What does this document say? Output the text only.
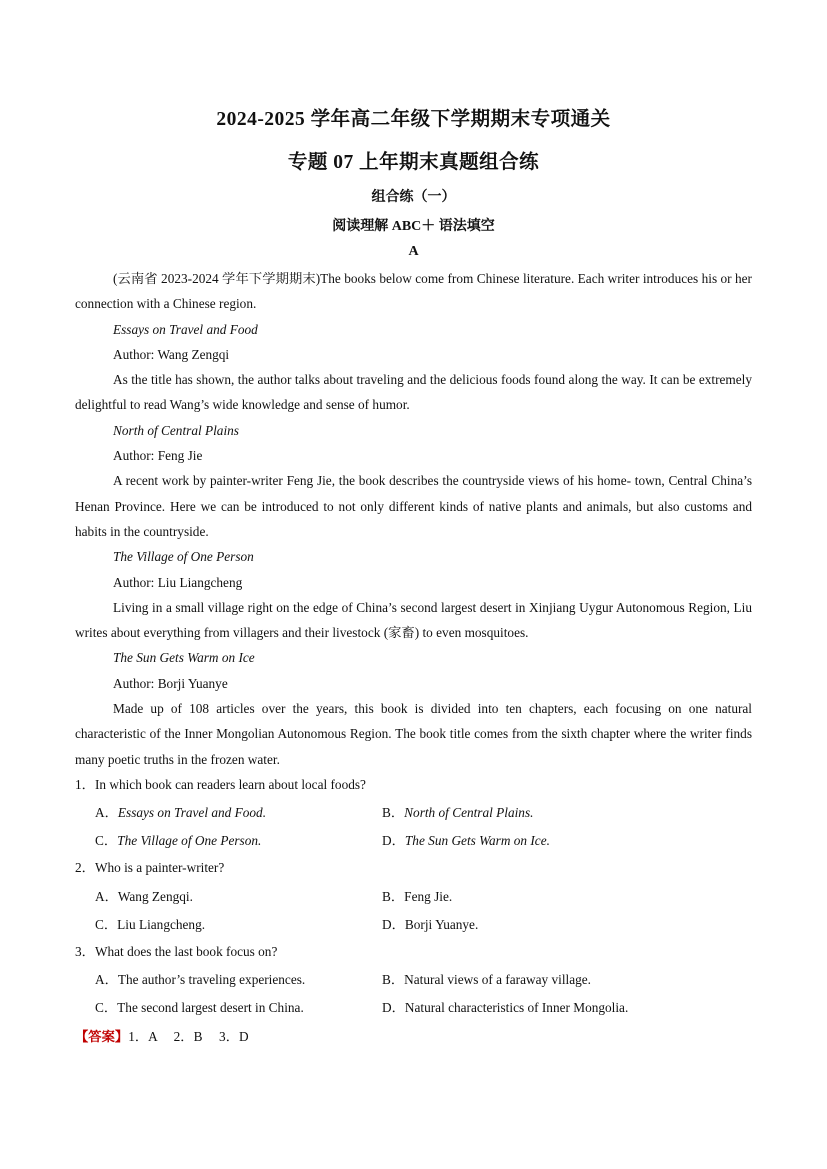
2024-2025 学年高二年级下学期期末专项通关
专题 07 上年期末真题组合练
组合练（一）
阅读理解 ABC＋ 语法填空
A

(云南省 2023-2024 学年下学期期末)The books below come from Chinese literature. Each writer introduces his or her connection with a Chinese region.

Essays on Travel and Food

Author: Wang Zengqi

As the title has shown, the author talks about traveling and the delicious foods found along the way. It can be extremely delightful to read Wang’s wide knowledge and sense of humor.

North of Central Plains

Author: Feng Jie

A recent work by painter-writer Feng Jie, the book describes the countryside views of his home- town, Central China’s Henan Province. Here we can be introduced to not only different kinds of native plants and animals, but also customs and habits in the countryside.

The Village of One Person

Author: Liu Liangcheng

Living in a small village right on the edge of China’s second largest desert in Xinjiang Uygur Autonomous Region, Liu writes about everything from villagers and their livestock (家畜) to even mosquitoes.

The Sun Gets Warm on Ice

Author: Borji Yuanye

Made up of 108 articles over the years, this book is divided into ten chapters, each focusing on one natural characteristic of the Inner Mongolian Autonomous Region. The book title comes from the sixth chapter where the writer finds many poetic truths in the frozen water.

1．In which book can readers learn about local foods?

A．Essays on Travel and Food.	B．North of Central Plains.
C．The Village of One Person.	D．The Sun Gets Warm on Ice.

2．Who is a painter-writer?

A．Wang Zengqi.	B．Feng Jie.
C．Liu Liangcheng.	D．Borji Yuanye.

3．What does the last book focus on?

A．The author’s traveling experiences.	B．Natural views of a faraway village.
C．The second largest desert in China.	D．Natural characteristics of Inner Mongolia.

【答案】1．A　 2．B　 3．D
